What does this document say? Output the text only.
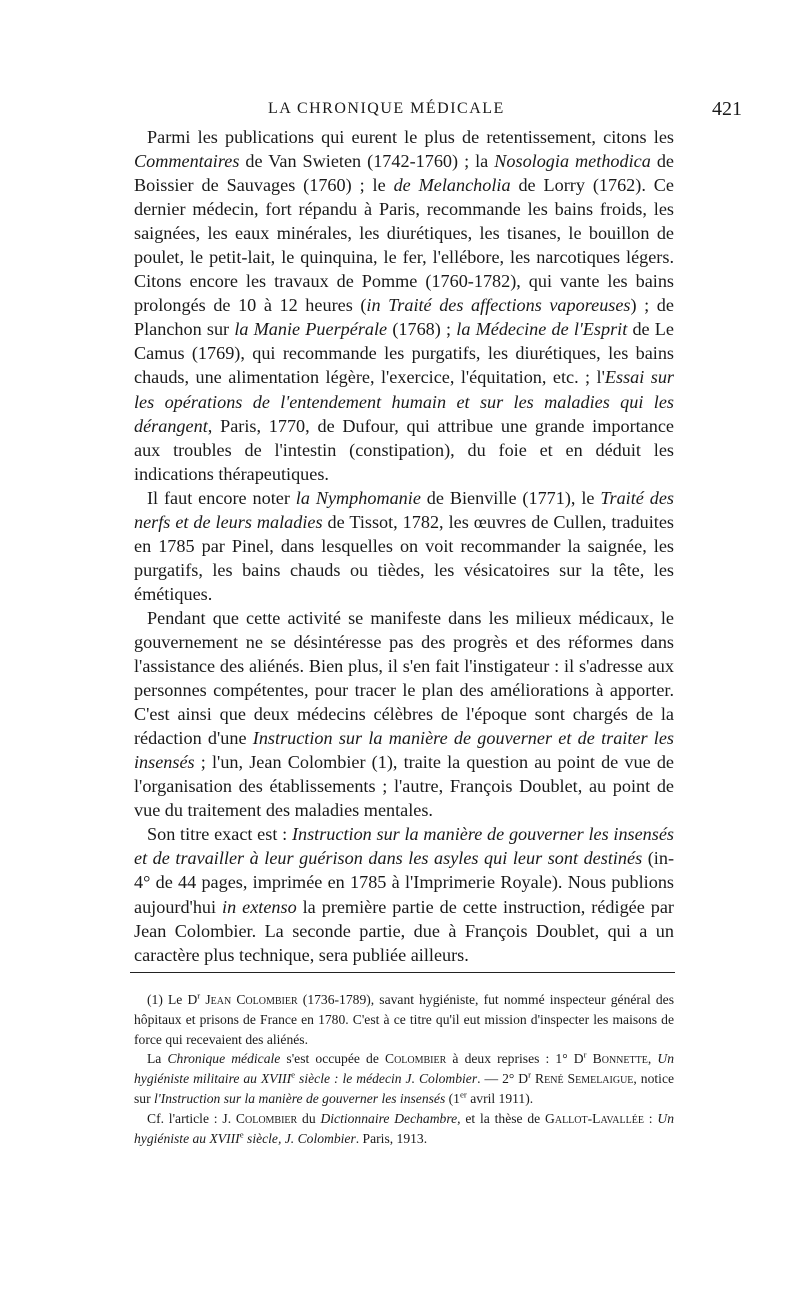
LA CHRONIQUE MÉDICALE	421

Parmi les publications qui eurent le plus de retentissement, citons les Commentaires de Van Swieten (1742-1760) ; la Nosologia methodica de Boissier de Sauvages (1760) ; le de Melancholia de Lorry (1762). Ce dernier médecin, fort répandu à Paris, recommande les bains froids, les saignées, les eaux minérales, les diurétiques, les tisanes, le bouillon de poulet, le petit-lait, le quinquina, le fer, l'ellébore, les narcotiques légers. Citons encore les travaux de Pomme (1760-1782), qui vante les bains prolongés de 10 à 12 heures (in Traité des affections vaporeuses) ; de Planchon sur la Manie Puerpérale (1768) ; la Médecine de l'Esprit de Le Camus (1769), qui recommande les purgatifs, les diurétiques, les bains chauds, une alimentation légère, l'exercice, l'équitation, etc. ; l'Essai sur les opérations de l'entendement humain et sur les maladies qui les dérangent, Paris, 1770, de Dufour, qui attribue une grande importance aux troubles de l'intestin (constipation), du foie et en déduit les indications thérapeutiques.

Il faut encore noter la Nymphomanie de Bienville (1771), le Traité des nerfs et de leurs maladies de Tissot, 1782, les œuvres de Cullen, traduites en 1785 par Pinel, dans lesquelles on voit recommander la saignée, les purgatifs, les bains chauds ou tièdes, les vésicatoires sur la tête, les émétiques.

Pendant que cette activité se manifeste dans les milieux médicaux, le gouvernement ne se désintéresse pas des progrès et des réformes dans l'assistance des aliénés. Bien plus, il s'en fait l'instigateur : il s'adresse aux personnes compétentes, pour tracer le plan des améliorations à apporter. C'est ainsi que deux médecins célèbres de l'époque sont chargés de la rédaction d'une Instruction sur la manière de gouverner et de traiter les insensés ; l'un, Jean Colombier (1), traite la question au point de vue de l'organisation des établissements ; l'autre, François Doublet, au point de vue du traitement des maladies mentales.

Son titre exact est : Instruction sur la manière de gouverner les insensés et de travailler à leur guérison dans les asyles qui leur sont destinés (in-4° de 44 pages, imprimée en 1785 à l'Imprimerie Royale). Nous publions aujourd'hui in extenso la première partie de cette instruction, rédigée par Jean Colombier. La seconde partie, due à François Doublet, qui a un caractère plus technique, sera publiée ailleurs.

(1) Le $D^r$ Jean Colombier (1736-1789), savant hygiéniste, fut nommé inspecteur général des hôpitaux et prisons de France en 1780. C'est à ce titre qu'il eut mission d'inspecter les maisons de force qui recevaient des aliénés.

La Chronique médicale s'est occupée de Colombier à deux reprises : 1° $D^r$ Bonnette, Un hygiéniste militaire au XVIIIe siècle : le médecin J. Colombier. — 2° $D^r$ René Semelaigue, notice sur l'Instruction sur la manière de gouverner les insensés (1er avril 1911).

Cf. l'article : J. Colombier du Dictionnaire Dechambre, et la thèse de Gallot-Lavallée : Un hygiéniste au XVIIIe siècle, J. Colombier. Paris, 1913.
